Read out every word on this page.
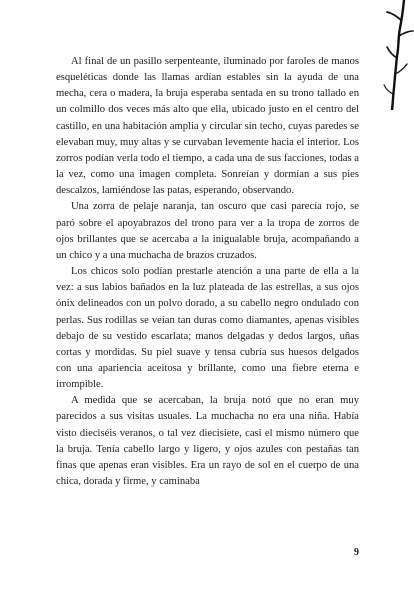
Al final de un pasillo serpenteante, iluminado por faroles de manos esqueléticas donde las llamas ardían estables sin la ayuda de una mecha, cera o madera, la bruja esperaba sentada en su trono tallado en un colmillo dos veces más alto que ella, ubicado justo en el centro del castillo, en una habitación amplia y circular sin techo, cuyas paredes se elevaban muy, muy altas y se curvaban levemente hacia el interior. Los zorros podían verla todo el tiempo, a cada una de sus facciones, todas a la vez, como una imagen completa. Sonreían y dormían a sus pies descalzos, lamiéndose las patas, esperando, observando.

Una zorra de pelaje naranja, tan oscuro que casi parecía rojo, se paró sobre el apoyabrazos del trono para ver a la tropa de zorros de ojos brillantes que se acercaba a la inigualable bruja, acompañando a un chico y a una muchacha de brazos cruzados.

Los chicos solo podían prestarle atención a una parte de ella a la vez: a sus labios bañados en la luz plateada de las estrellas, a sus ojos ónix delineados con un polvo dorado, a su cabello negro ondulado con perlas. Sus rodillas se veían tan duras como diamantes, apenas visibles debajo de su vestido escarlata; manos delgadas y dedos largos, uñas cortas y mordidas. Su piel suave y tensa cubría sus huesos delgados con una apariencia aceitosa y brillante, como una fiebre eterna e irrompible.

A medida que se acercaban, la bruja notó que no eran muy parecidos a sus visitas usuales. La muchacha no era una niña. Había visto dieciséis veranos, o tal vez diecisiete, casi el mismo número que la bruja. Tenía cabello largo y ligero, y ojos azules con pestañas tan finas que apenas eran visibles. Era un rayo de sol en el cuerpo de una chica, dorada y firme, y caminaba

9
